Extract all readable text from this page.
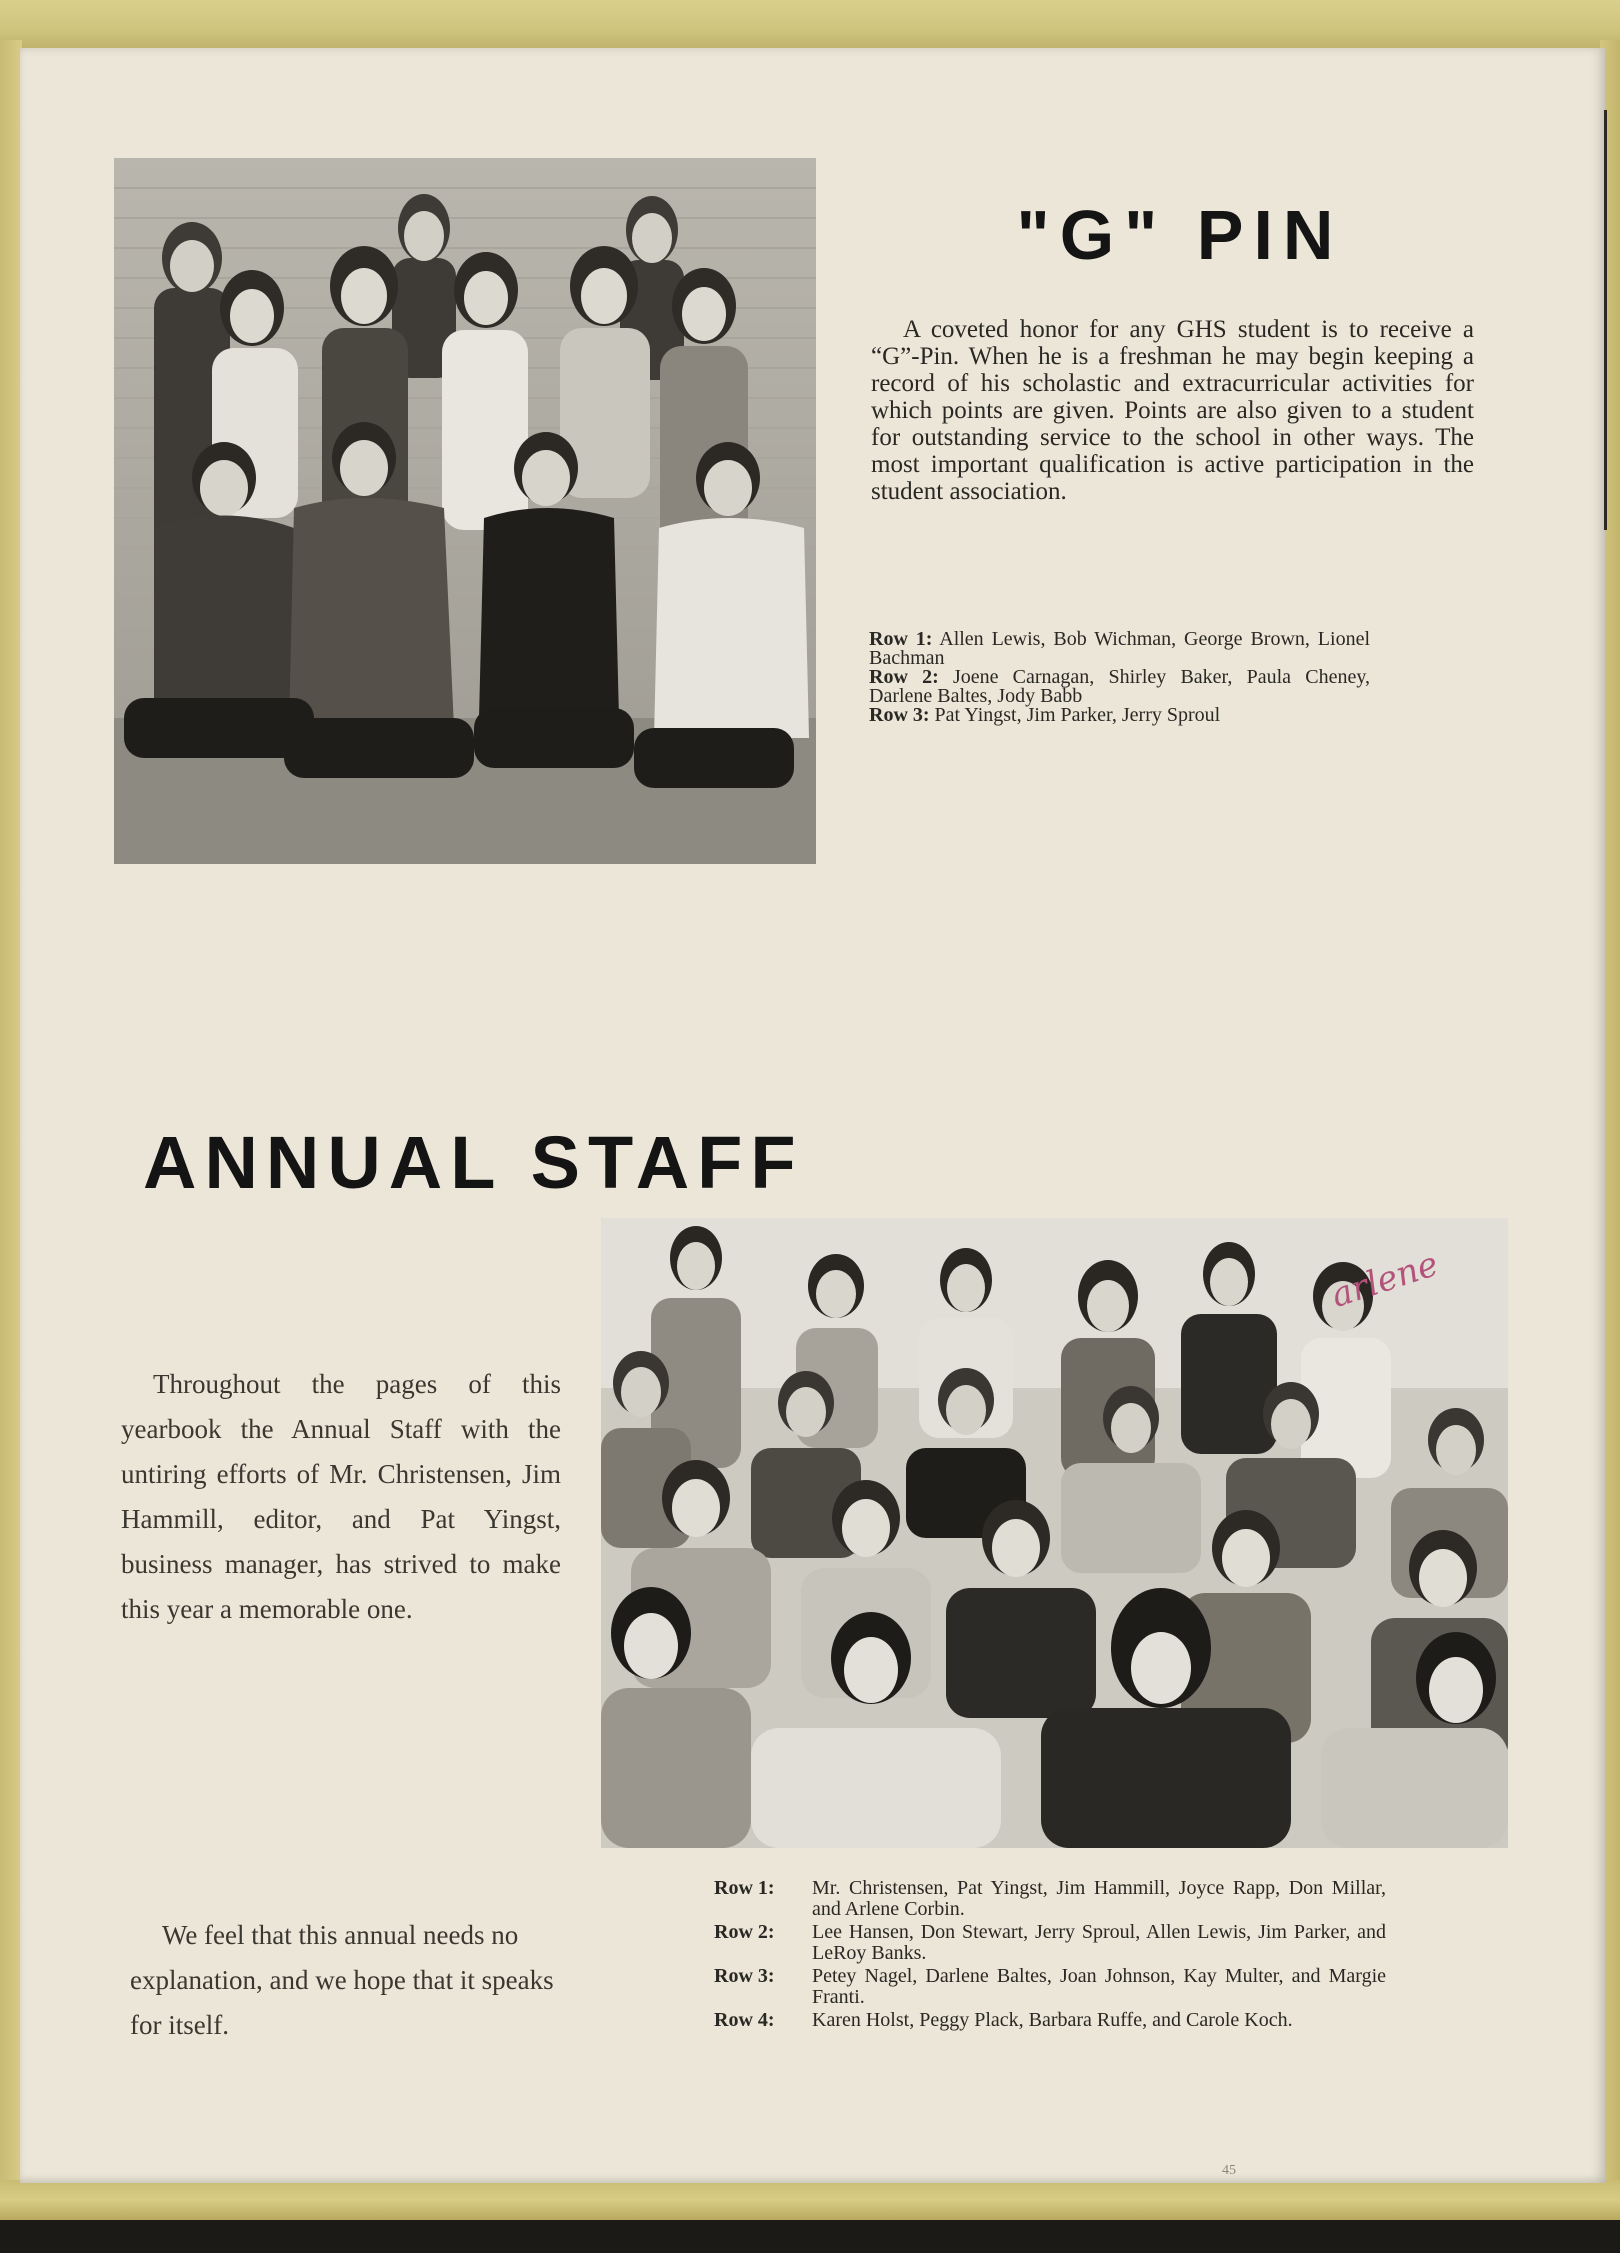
"G" PIN

A coveted honor for any GHS student is to receive a “G”-Pin. When he is a freshman he may begin keeping a record of his scholastic and extracurricular activities for which points are given. Points are also given to a student for outstanding service to the school in other ways. The most important qualification is active participation in the student association.

Row 1: Allen Lewis, Bob Wichman, George Brown, Lionel Bachman

Row 2: Joene Carnagan, Shirley Baker, Paula Cheney, Darlene Baltes, Jody Babb

Row 3: Pat Yingst, Jim Parker, Jerry Sproul

ANNUAL STAFF

Throughout the pages of this yearbook the Annual Staff with the untiring efforts of Mr. Christensen, Jim Hammill, editor, and Pat Yingst, business manager, has strived to make this year a memorable one.

arlene
Row 1:	Mr. Christensen, Pat Yingst, Jim Hammill, Joyce Rapp, Don Millar, and Arlene Corbin.
Row 2:	Lee Hansen, Don Stewart, Jerry Sproul, Allen Lewis, Jim Parker, and LeRoy Banks.
Row 3:	Petey Nagel, Darlene Baltes, Joan Johnson, Kay Multer, and Margie Franti.
Row 4:	Karen Holst, Peggy Plack, Barbara Ruffe, and Carole Koch.

We feel that this annual needs no explanation, and we hope that it speaks for itself.

45
